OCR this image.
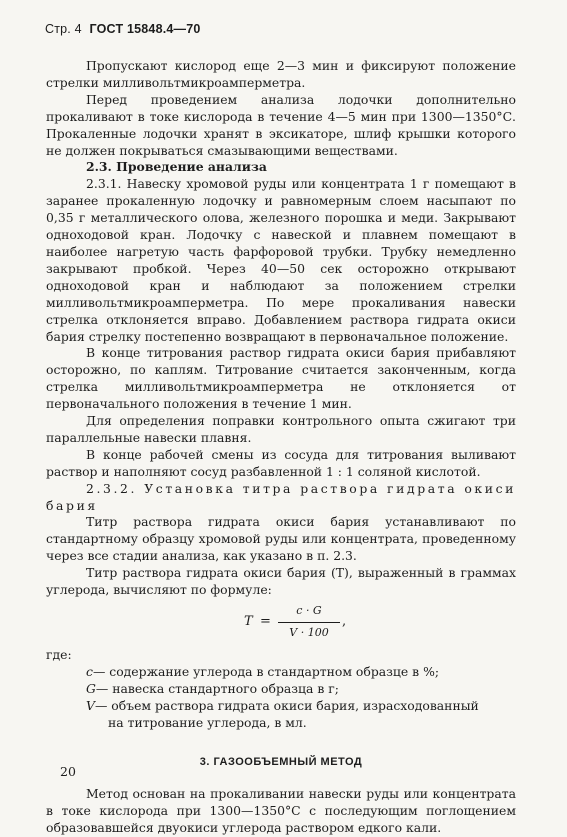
Стр. 4 ГОСТ 15848.4—70

Пропускают кислород еще 2—3 мин и фиксируют положение стрелки милливольтмикроамперметра.

Перед проведением анализа лодочки дополнительно прокаливают в токе кислорода в течение 4—5 мин при 1300—1350°С. Прокаленные лодочки хранят в эксикаторе, шлиф крышки которого не должен покрываться смазывающими веществами.

2.3. Проведение анализа

2.3.1. Навеску хромовой руды или концентрата 1 г помещают в заранее прокаленную лодочку и равномерным слоем насыпают по 0,35 г металлического олова, железного порошка и меди. Закрывают одноходовой кран. Лодочку с навеской и плавнем помещают в наиболее нагретую часть фарфоровой трубки. Трубку немедленно закрывают пробкой. Через 40—50 сек осторожно открывают одноходовой кран и наблюдают за положением стрелки милливольтмикроамперметра. По мере прокаливания навески стрелка отклоняется вправо. Добавлением раствора гидрата окиси бария стрелку постепенно возвращают в первоначальное положение.

В конце титрования раствор гидрата окиси бария прибавляют осторожно, по каплям. Титрование считается законченным, когда стрелка милливольтмикроамперметра не отклоняется от первоначального положения в течение 1 мин.

Для определения поправки контрольного опыта сжигают три параллельные навески плавня.

В конце рабочей смены из сосуда для титрования выливают раствор и наполняют сосуд разбавленной 1 : 1 соляной кислотой.

2.3.2. Установка титра раствора гидрата окиси бария

Титр раствора гидрата окиси бария устанавливают по стандартному образцу хромовой руды или концентрата, проведенному через все стадии анализа, как указано в п. 2.3.

Титр раствора гидрата окиси бария (Т), выраженный в граммах углерода, вычисляют по формуле:

T =
c · G
V · 100
,

где:

c— содержание углерода в стандартном образце в %;

G— навеска стандартного образца в г;

V— объем раствора гидрата окиси бария, израсходованный
на титрование углерода, в мл.

3. ГАЗООБЪЕМНЫЙ МЕТОД

Метод основан на прокаливании навески руды или концентрата в токе кислорода при 1300—1350°С с последующим поглощением образовавшейся двуокиси углерода раствором едкого кали.

20
